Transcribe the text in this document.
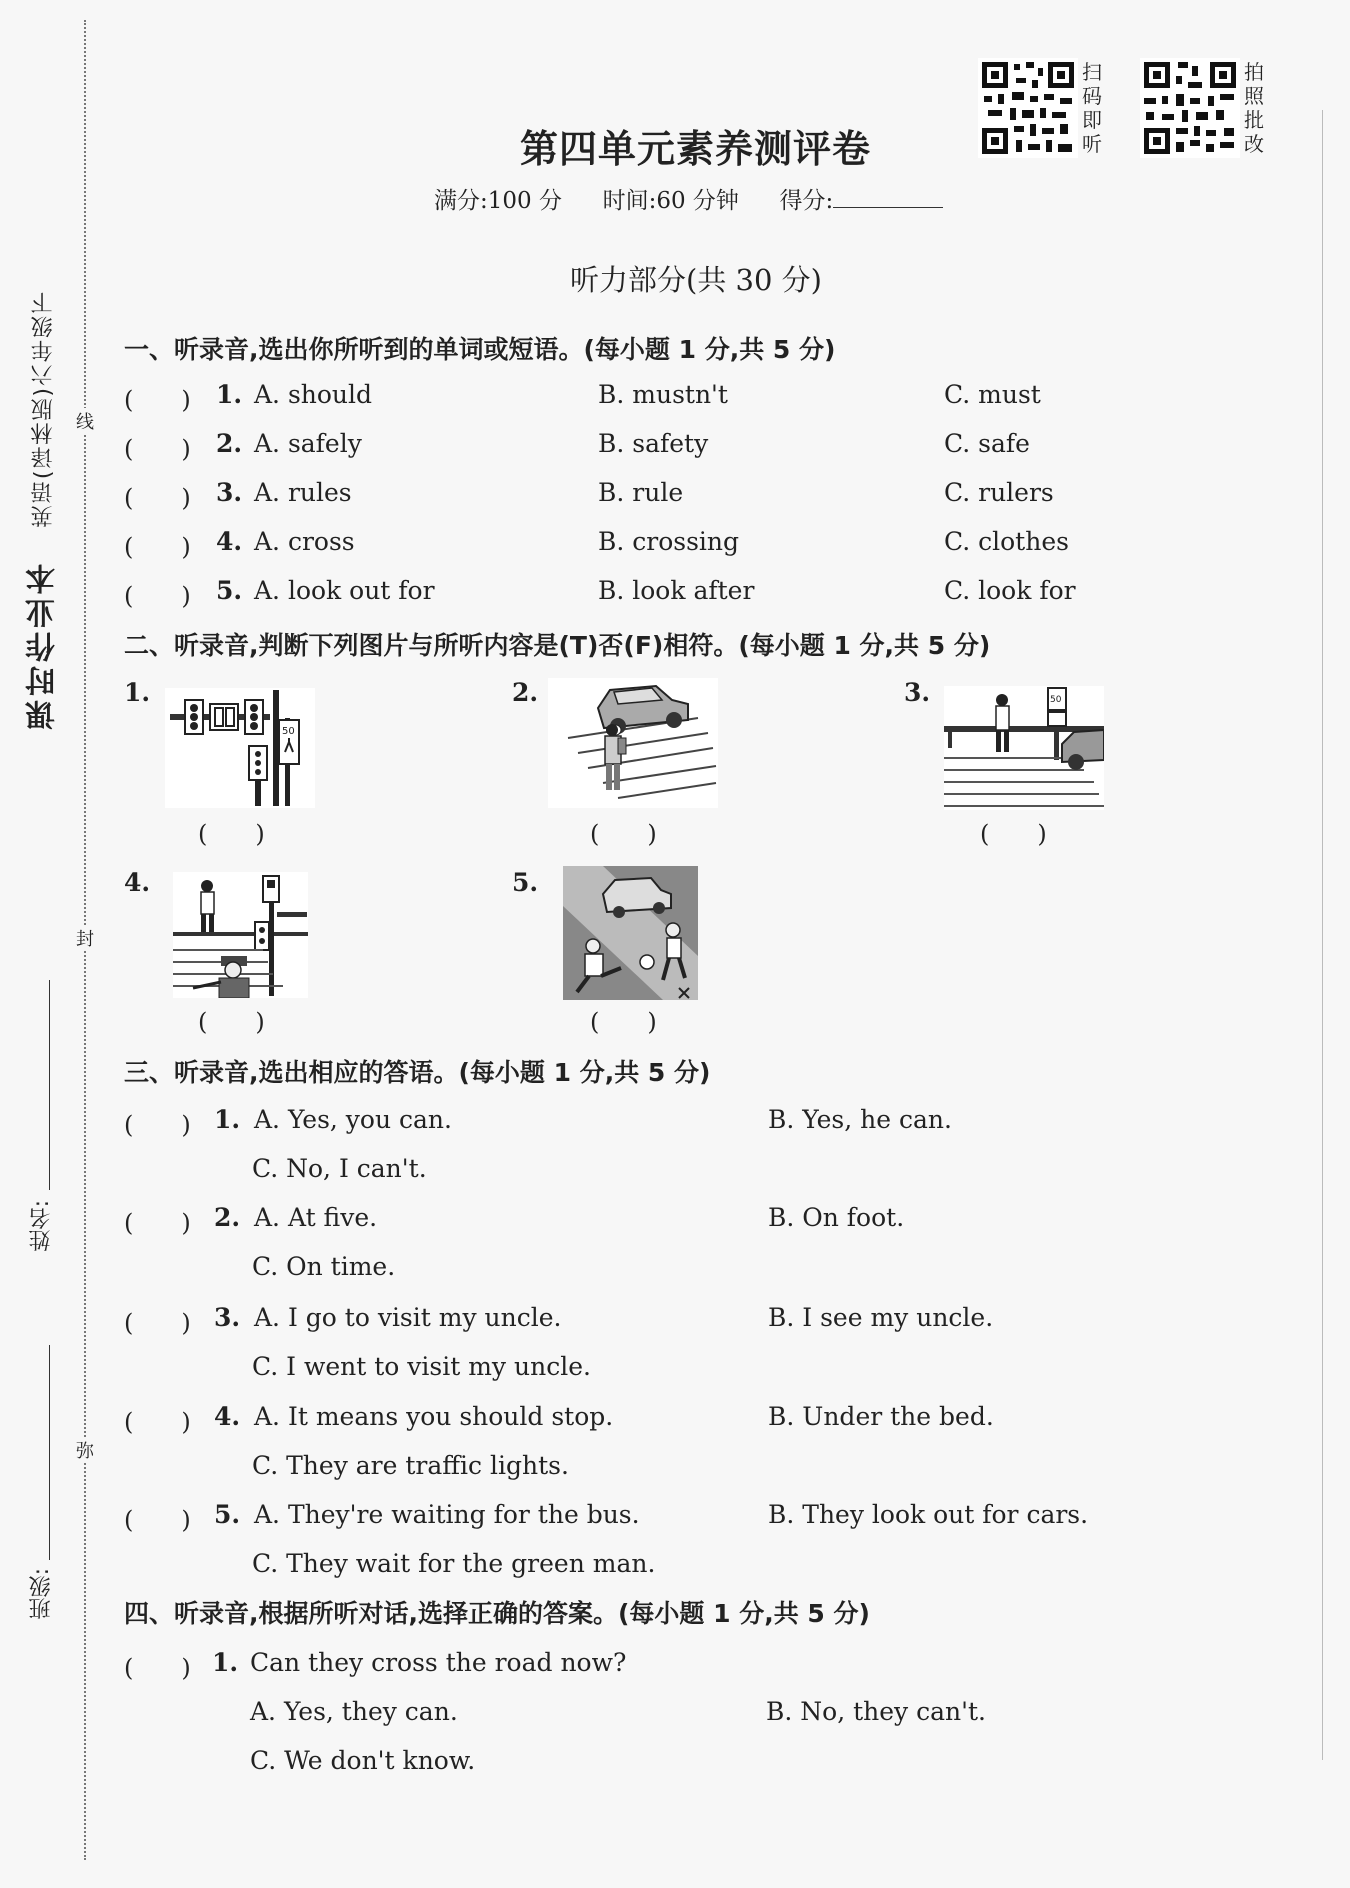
课时作业本
英语(译林版)六年级下 线
封
弥
姓名:
班级:
扫码即听
拍照批改
第四单元素养测评卷
满分:100 分 时间:60 分钟 得分:
听力部分(共 30 分)
一、听录音,选出你所听到的单词或短语。(每小题 1 分,共 5 分)
(　　) 1. A. should	B. mustn't	C. must
(　　) 2. A. safely	B. safety	C. safe
(　　) 3. A. rules	B. rule	C. rulers
(　　) 4. A. cross	B. crossing	C. clothes
(　　) 5. A. look out for	B. look after	C. look for
二、听录音,判断下列图片与所听内容是(T)否(F)相符。(每小题 1 分,共 5 分)
1.
50
(　　)
2.
(　　)
3.	50
(　　)
4.
(　　)
5.
(　　)
三、听录音,选出相应的答语。(每小题 1 分,共 5 分)
(　　) 1. A. Yes, you can.	B. Yes, he can.
C. No, I can't.
(　　) 2. A. At five.	B. On foot.
C. On time.
(　　) 3. A. I go to visit my uncle.	B. I see my uncle.
C. I went to visit my uncle.
(　　) 4. A. It means you should stop.	B. Under the bed.
C. They are traffic lights.
(　　) 5. A. They're waiting for the bus.	B. They look out for cars.
C. They wait for the green man.
四、听录音,根据所听对话,选择正确的答案。(每小题 1 分,共 5 分)
(　　) 1. Can they cross the road now?
A. Yes, they can.	B. No, they can't.
C. We don't know.
